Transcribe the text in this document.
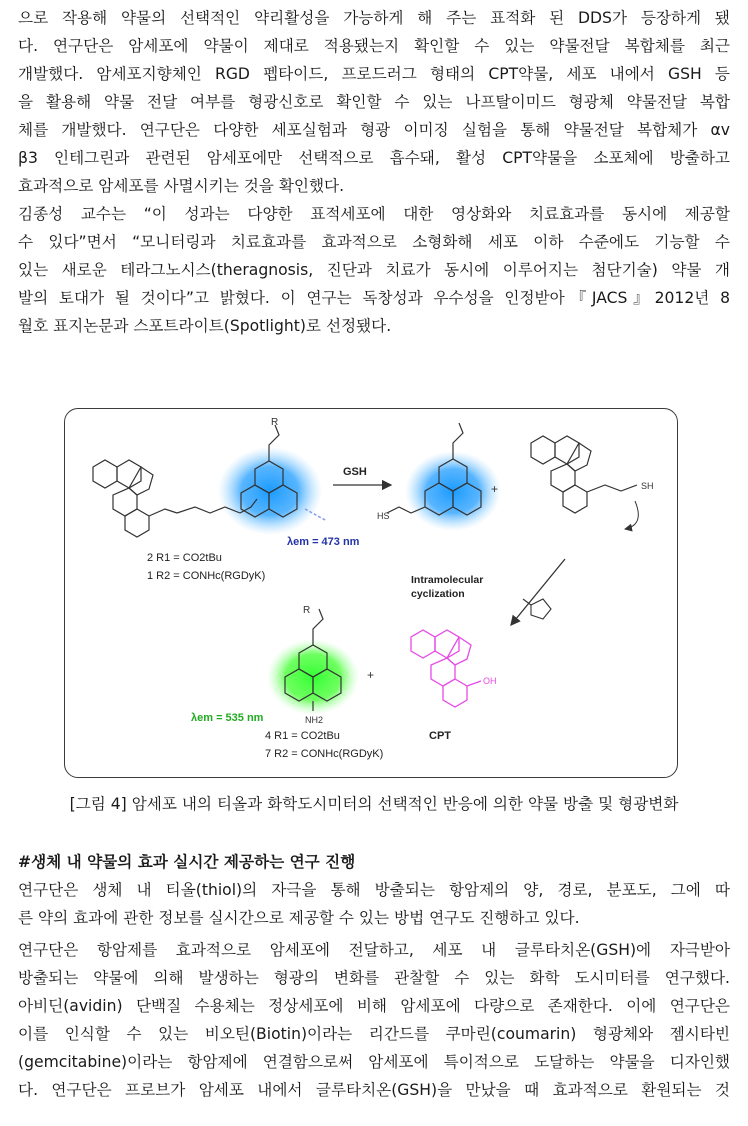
으로 작용해 약물의 선택적인 약리활성을 가능하게 해 주는 표적화 된 DDS가 등장하게 됐
다. 연구단은 암세포에 약물이 제대로 적용됐는지 확인할 수 있는 약물전달 복합체를 최근
개발했다. 암세포지향체인 RGD 펩타이드, 프로드러그 형태의 CPT약물, 세포 내에서 GSH 등
을 활용해 약물 전달 여부를 형광신호로 확인할 수 있는 나프탈이미드 형광체 약물전달 복합
체를 개발했다. 연구단은 다양한 세포실험과 형광 이미징 실험을 통해 약물전달 복합체가 αv
β3 인테그린과 관련된 암세포에만 선택적으로 흡수돼, 활성 CPT약물을 소포체에 방출하고
효과적으로 암세포를 사멸시키는 것을 확인했다.
김종성 교수는 “이 성과는 다양한 표적세포에 대한 영상화와 치료효과를 동시에 제공할
수 있다”면서 “모니터링과 치료효과를 효과적으로 소형화해 세포 이하 수준에도 기능할 수
있는 새로운 테라그노시스(theragnosis, 진단과 치료가 동시에 이루어지는 첨단기술) 약물 개
발의 토대가 될 것이다”고 밝혔다. 이 연구는 독창성과 우수성을 인정받아『JACS』2012년 8
월호 표지논문과 스포트라이트(Spotlight)로 선정됐다.
R
2 R1 = CO2tBu
1 R2 = CONHc(RGDyK)
λem = 473 nm
GSH
HS
+	SH
Intramolecular
cyclization
R
NH2
λem = 535 nm
4 R1 = CO2tBu
7 R2 = CONHc(RGDyK)
+	OH
CPT
[그림 4] 암세포 내의 티올과 화학도시미터의 선택적인 반응에 의한 약물 방출 및 형광변화
#생체 내 약물의 효과 실시간 제공하는 연구 진행
연구단은 생체 내 티올(thiol)의 자극을 통해 방출되는 항암제의 양, 경로, 분포도, 그에 따
른 약의 효과에 관한 정보를 실시간으로 제공할 수 있는 방법 연구도 진행하고 있다.
연구단은 항암제를 효과적으로 암세포에 전달하고, 세포 내 글루타치온(GSH)에 자극받아
방출되는 약물에 의해 발생하는 형광의 변화를 관찰할 수 있는 화학 도시미터를 연구했다.
아비딘(avidin) 단백질 수용체는 정상세포에 비해 암세포에 다량으로 존재한다. 이에 연구단은
이를 인식할 수 있는 비오틴(Biotin)이라는 리간드를 쿠마린(coumarin) 형광체와 젬시타빈
(gemcitabine)이라는 항암제에 연결함으로써 암세포에 특이적으로 도달하는 약물을 디자인했
다. 연구단은 프로브가 암세포 내에서 글루타치온(GSH)을 만났을 때 효과적으로 환원되는 것
